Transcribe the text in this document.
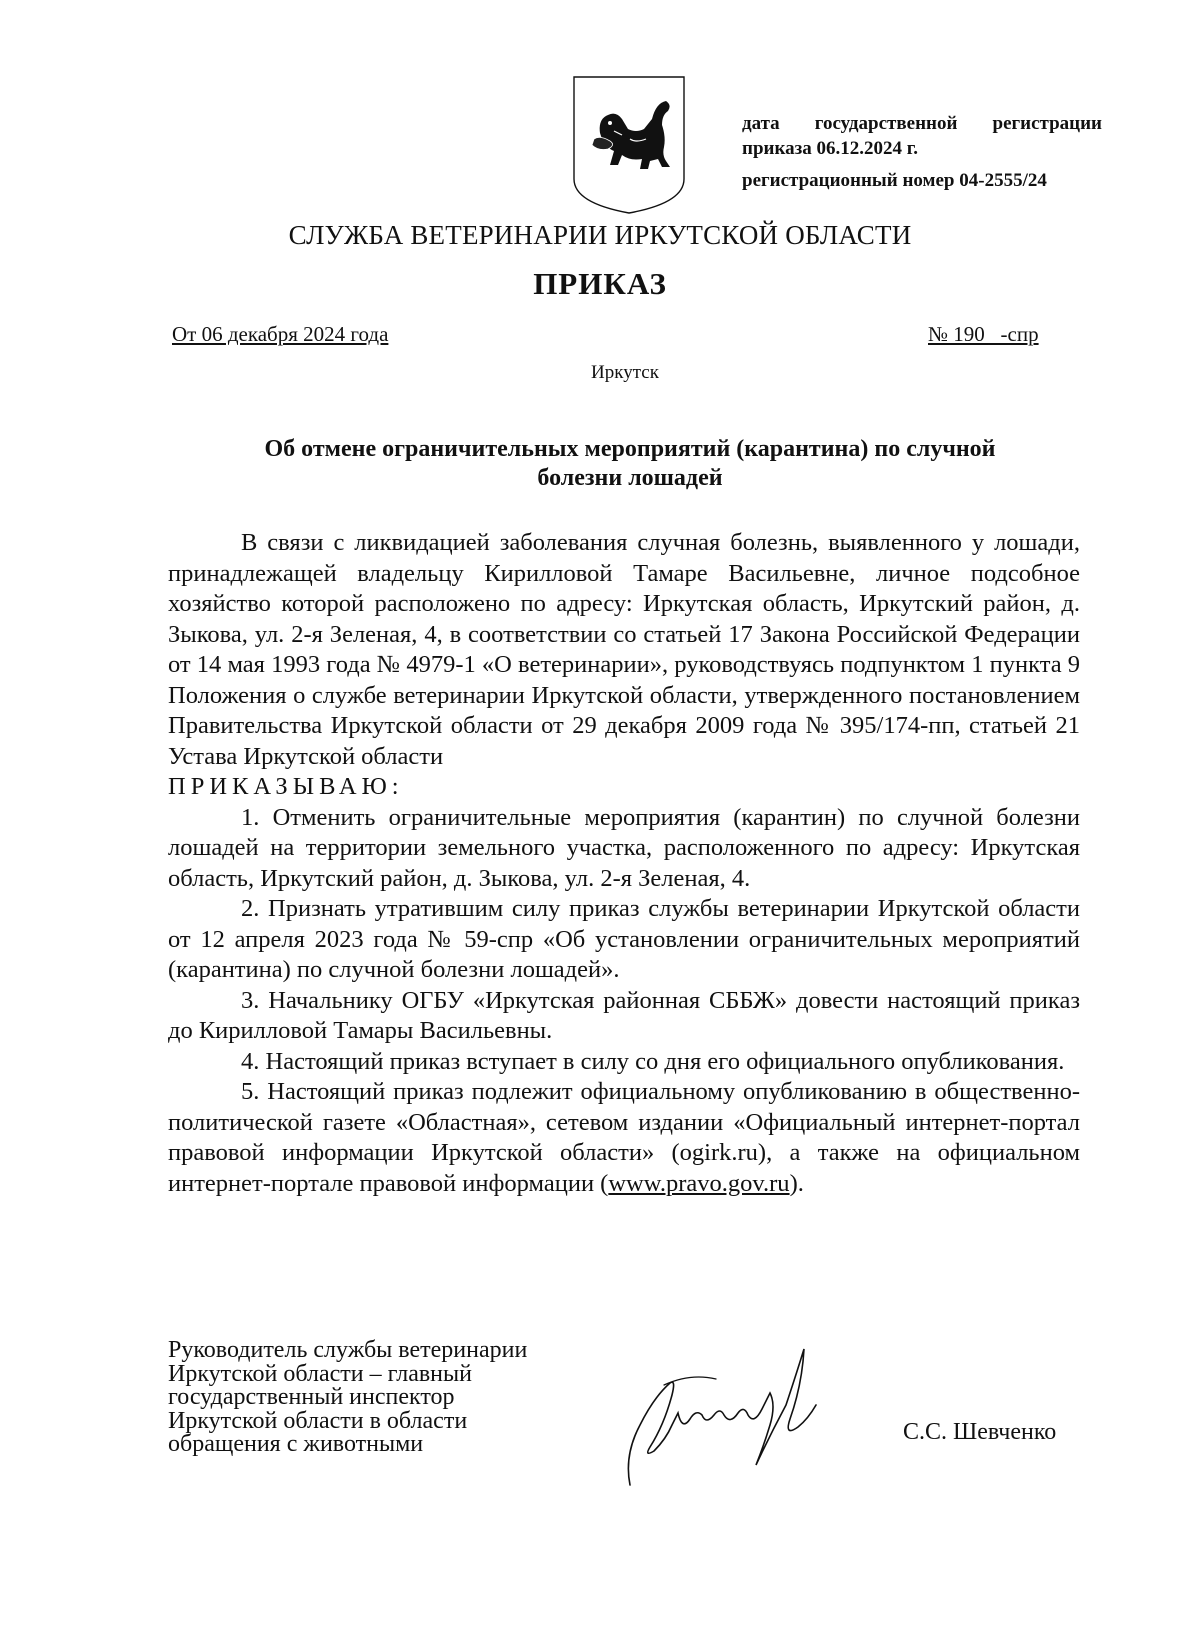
дата государственной регистрации
приказа 06.12.2024 г.
регистрационный номер 04-2555/24
СЛУЖБА ВЕТЕРИНАРИИ ИРКУТСКОЙ ОБЛАСТИ
ПРИКАЗ
От 06 декабря 2024 года	№ 190   -спр
Иркутск
Об отмене ограничительных мероприятий (карантина) по случной
болезни лошадей

В связи с ликвидацией заболевания случная болезнь, выявленного у лошади, принадлежащей владельцу Кирилловой Тамаре Васильевне, личное подсобное хозяйство которой расположено по адресу: Иркутская область, Иркутский район, д. Зыкова, ул. 2-я Зеленая, 4, в соответствии со статьей 17 Закона Российской Федерации от 14 мая 1993 года № 4979-1 «О ветеринарии», руководствуясь подпунктом 1 пункта 9 Положения о службе ветеринарии Иркутской области, утвержденного постановлением Правительства Иркутской области от 29 декабря 2009 года № 395/174-пп, статьей 21 Устава Иркутской области

ПРИКАЗЫВАЮ:

1. Отменить ограничительные мероприятия (карантин) по случной болезни лошадей на территории земельного участка, расположенного по адресу: Иркутская область, Иркутский район, д. Зыкова, ул. 2-я Зеленая, 4.

2. Признать утратившим силу приказ службы ветеринарии Иркутской области от 12 апреля 2023 года № 59-спр «Об установлении ограничительных мероприятий (карантина) по случной болезни лошадей».

3. Начальнику ОГБУ «Иркутская районная СББЖ» довести настоящий приказ до Кирилловой Тамары Васильевны.

4. Настоящий приказ вступает в силу со дня его официального опубликования.

5. Настоящий приказ подлежит официальному опубликованию в общественно-политической газете «Областная», сетевом издании «Официальный интернет-портал правовой информации Иркутской области» (ogirk.ru), а также на официальном интернет-портале правовой информации (www.pravo.gov.ru).

Руководитель службы ветеринарии
Иркутской области – главный
государственный инспектор
Иркутской области в области
обращения с животными	С.С. Шевченко
